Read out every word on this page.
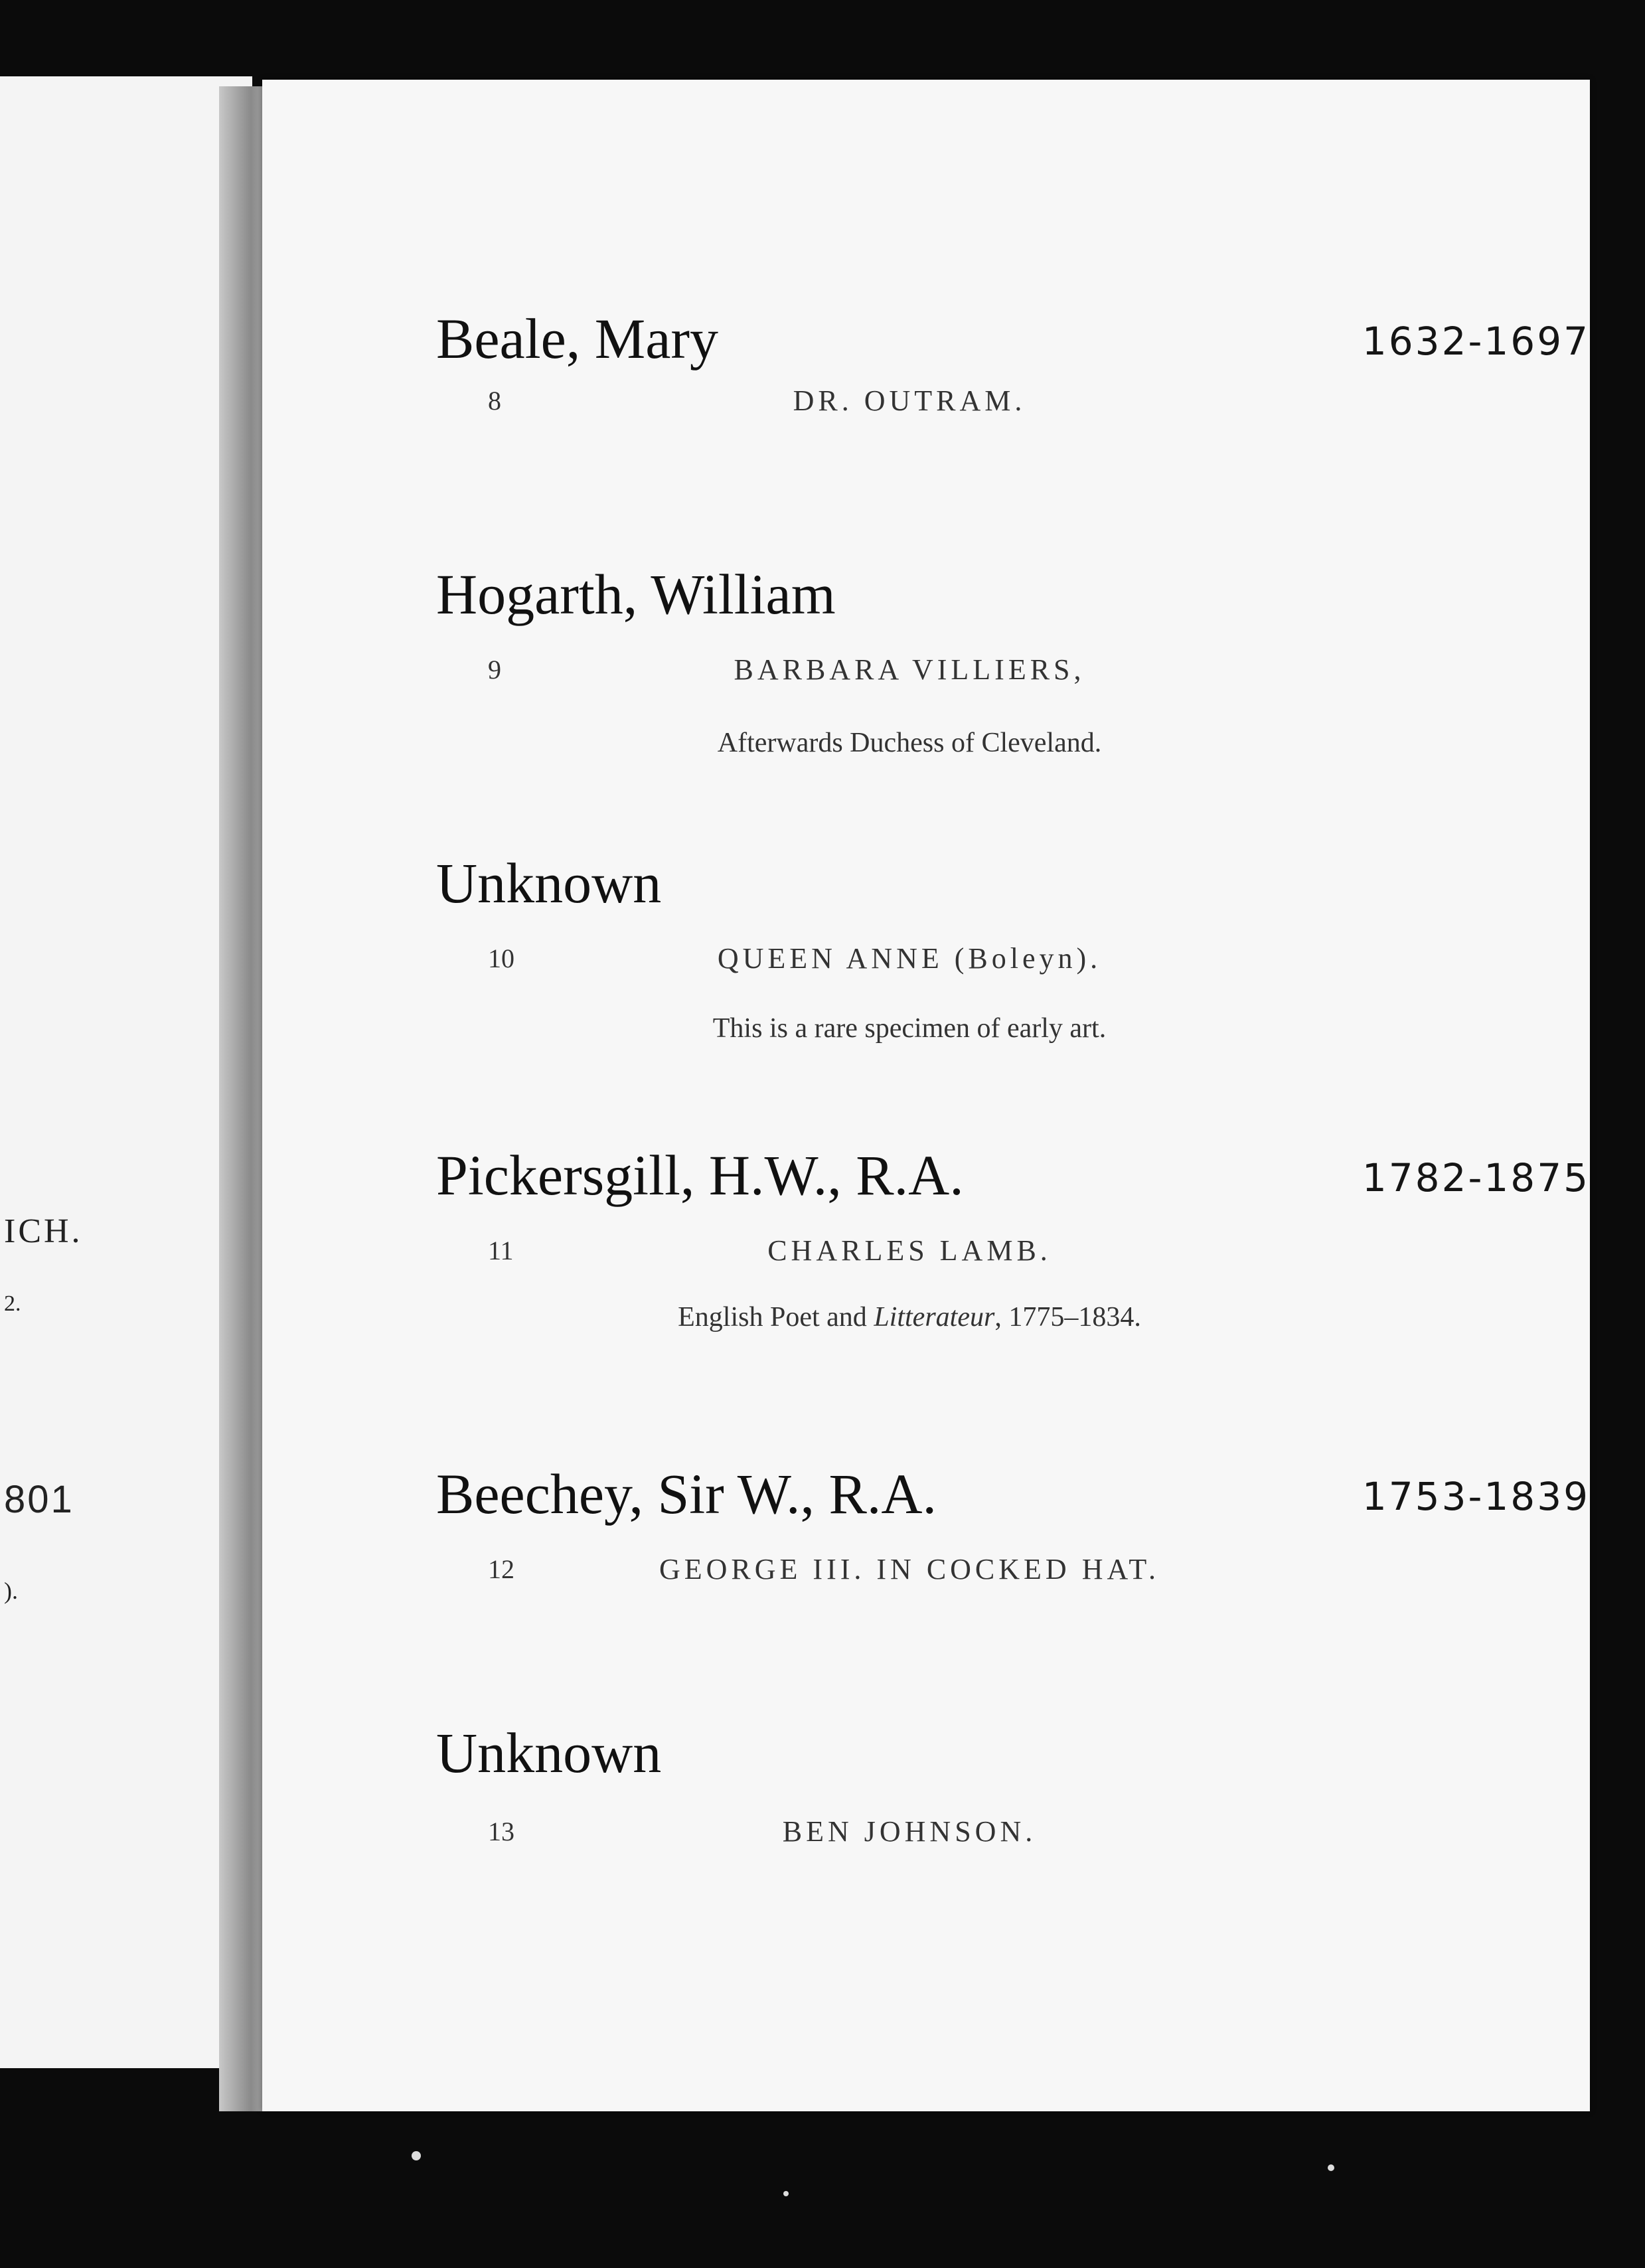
ICH.
2.
801
).
Beale, Mary	1632-1697
8	DR. OUTRAM.
Hogarth, William
9	BARBARA VILLIERS,
Afterwards Duchess of Cleveland.
Unknown
10	QUEEN ANNE (Boleyn).
This is a rare specimen of early art.
Pickersgill, H.W., R.A.	1782-1875
11	CHARLES LAMB.
English Poet and Litterateur, 1775–1834.
Beechey, Sir W., R.A.	1753-1839
12	GEORGE III. IN COCKED HAT.
Unknown
13	BEN JOHNSON.
